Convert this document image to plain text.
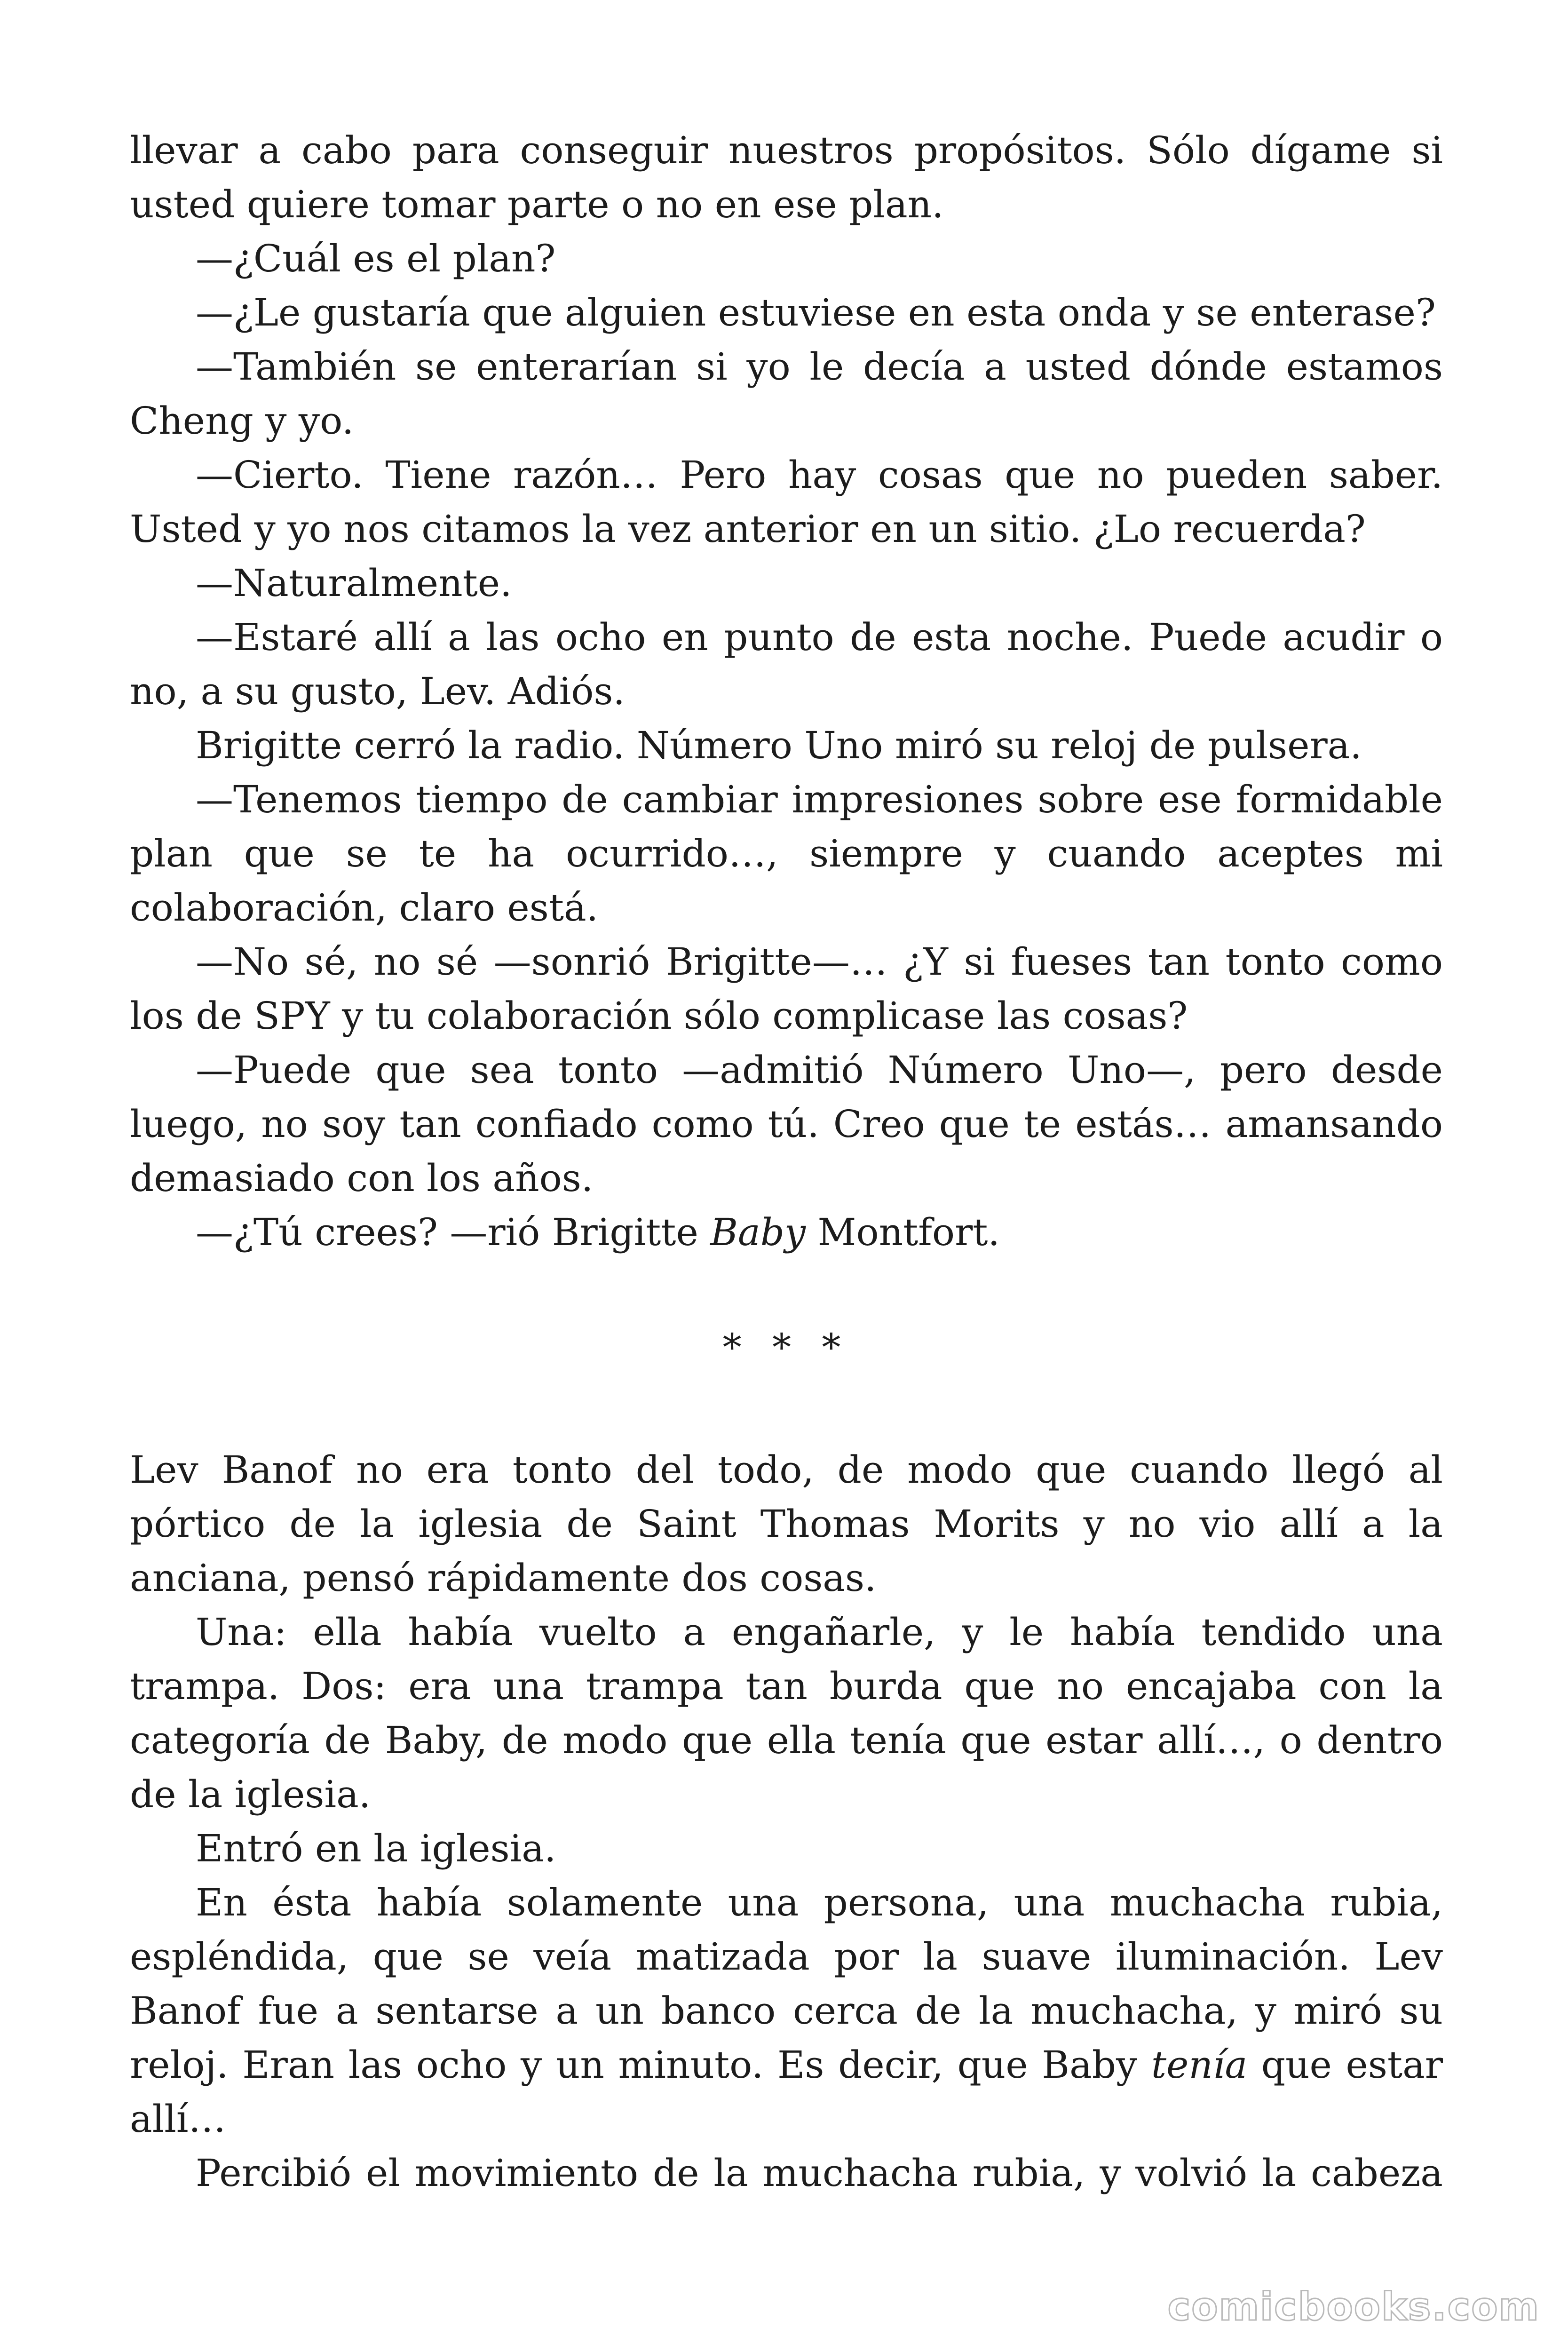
llevar a cabo para conseguir nuestros propósitos. Sólo dígame si usted quiere tomar parte o no en ese plan.

—¿Cuál es el plan?

—¿Le gustaría que alguien estuviese en esta onda y se enterase?

—También se enterarían si yo le decía a usted dónde estamos Cheng y yo.

—Cierto. Tiene razón… Pero hay cosas que no pueden saber. Usted y yo nos citamos la vez anterior en un sitio. ¿Lo recuerda?

—Naturalmente.

—Estaré allí a las ocho en punto de esta noche. Puede acudir o no, a su gusto, Lev. Adiós.

Brigitte cerró la radio. Número Uno miró su reloj de pulsera.

—Tenemos tiempo de cambiar impresiones sobre ese formidable plan que se te ha ocurrido…, siempre y cuando aceptes mi colaboración, claro está.

—No sé, no sé —sonrió Brigitte—… ¿Y si fueses tan tonto como los de SPY y tu colaboración sólo complicase las cosas?

—Puede que sea tonto —admitió Número Uno—, pero desde luego, no soy tan confiado como tú. Creo que te estás… amansando demasiado con los años.

—¿Tú crees? —rió Brigitte Baby Montfort.

* * *

Lev Banof no era tonto del todo, de modo que cuando llegó al pórtico de la iglesia de Saint Thomas Morits y no vio allí a la anciana, pensó rápidamente dos cosas.

Una: ella había vuelto a engañarle, y le había tendido una trampa. Dos: era una trampa tan burda que no encajaba con la categoría de Baby, de modo que ella tenía que estar allí…, o dentro de la iglesia.

Entró en la iglesia.

En ésta había solamente una persona, una muchacha rubia, espléndida, que se veía matizada por la suave iluminación. Lev Banof fue a sentarse a un banco cerca de la muchacha, y miró su reloj. Eran las ocho y un minuto. Es decir, que Baby tenía que estar allí…

Percibió el movimiento de la muchacha rubia, y volvió la cabeza

comicbooks.com
